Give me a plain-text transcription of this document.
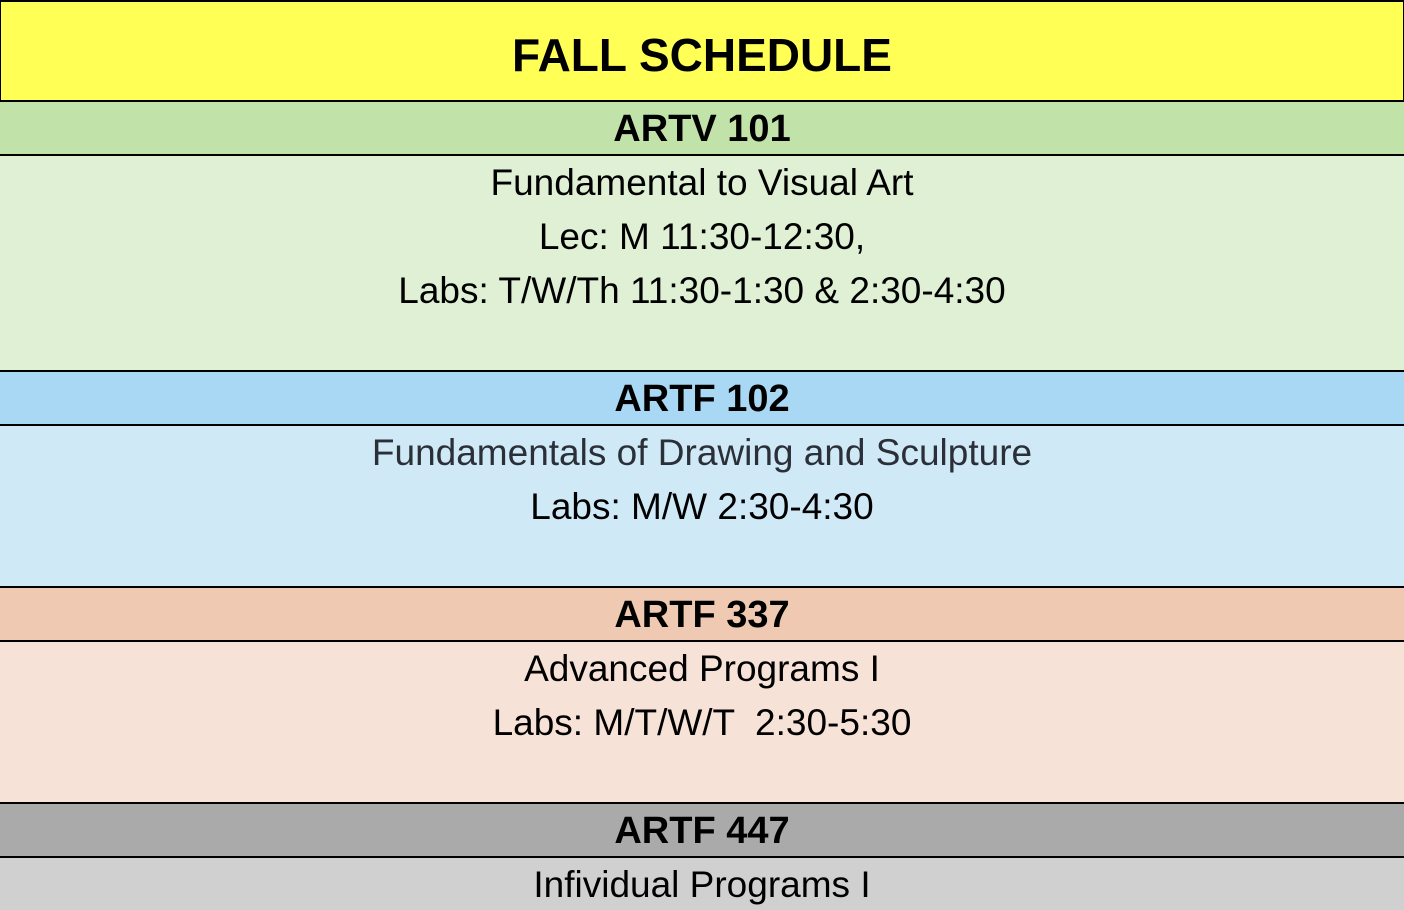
FALL SCHEDULE
ARTV 101
Fundamental to Visual Art
Lec: M 11:30-12:30,
Labs: T/W/Th 11:30-1:30 & 2:30-4:30
ARTF 102
Fundamentals of Drawing and Sculpture
Labs: M/W 2:30-4:30
ARTF 337
Advanced Programs I
Labs: M/T/W/T  2:30-5:30
ARTF 447
Infividual Programs I
